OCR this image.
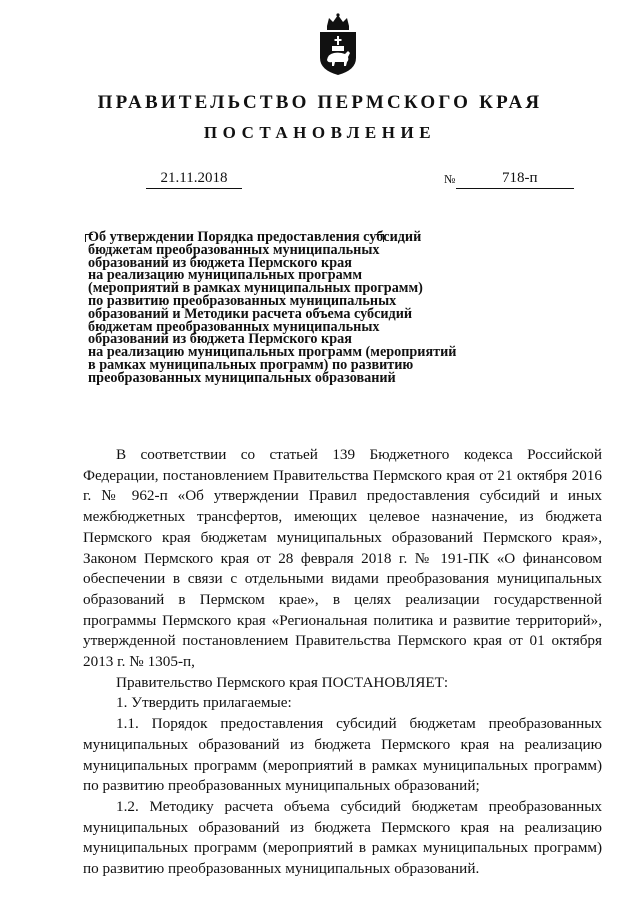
ПРАВИТЕЛЬСТВО ПЕРМСКОГО КРАЯ
ПОСТАНОВЛЕНИЕ
21.11.2018	№	718-п
Об утверждении Порядка предоставления субсидий
бюджетам преобразованных муниципальных
образований из бюджета Пермского края
на реализацию муниципальных программ
(мероприятий в рамках муниципальных программ)
по развитию преобразованных муниципальных
образований и Методики расчета объема субсидий
бюджетам преобразованных муниципальных
образований из бюджета Пермского края
на реализацию муниципальных программ (мероприятий
в рамках муниципальных программ) по развитию
преобразованных муниципальных образований

В соответствии со статьей 139 Бюджетного кодекса Российской Федерации, постановлением Правительства Пермского края от 21 октября 2016 г. № 962-п «Об утверждении Правил предоставления субсидий и иных межбюджетных трансфертов, имеющих целевое назначение, из бюджета Пермского края бюджетам муниципальных образований Пермского края», Законом Пермского края от 28 февраля 2018 г. № 191-ПК «О финансовом обеспечении в связи с отдельными видами преобразования муниципальных образований в Пермском крае», в целях реализации государственной программы Пермского края «Региональная политика и развитие территорий», утвержденной постановлением Правительства Пермского края от 01 октября 2013 г. № 1305-п,

Правительство Пермского края ПОСТАНОВЛЯЕТ:

1. Утвердить прилагаемые:

1.1. Порядок предоставления субсидий бюджетам преобразованных муниципальных образований из бюджета Пермского края на реализацию муниципальных программ (мероприятий в рамках муниципальных программ) по развитию преобразованных муниципальных образований;

1.2. Методику расчета объема субсидий бюджетам преобразованных муниципальных образований из бюджета Пермского края на реализацию муниципальных программ (мероприятий в рамках муниципальных программ) по развитию преобразованных муниципальных образований.
